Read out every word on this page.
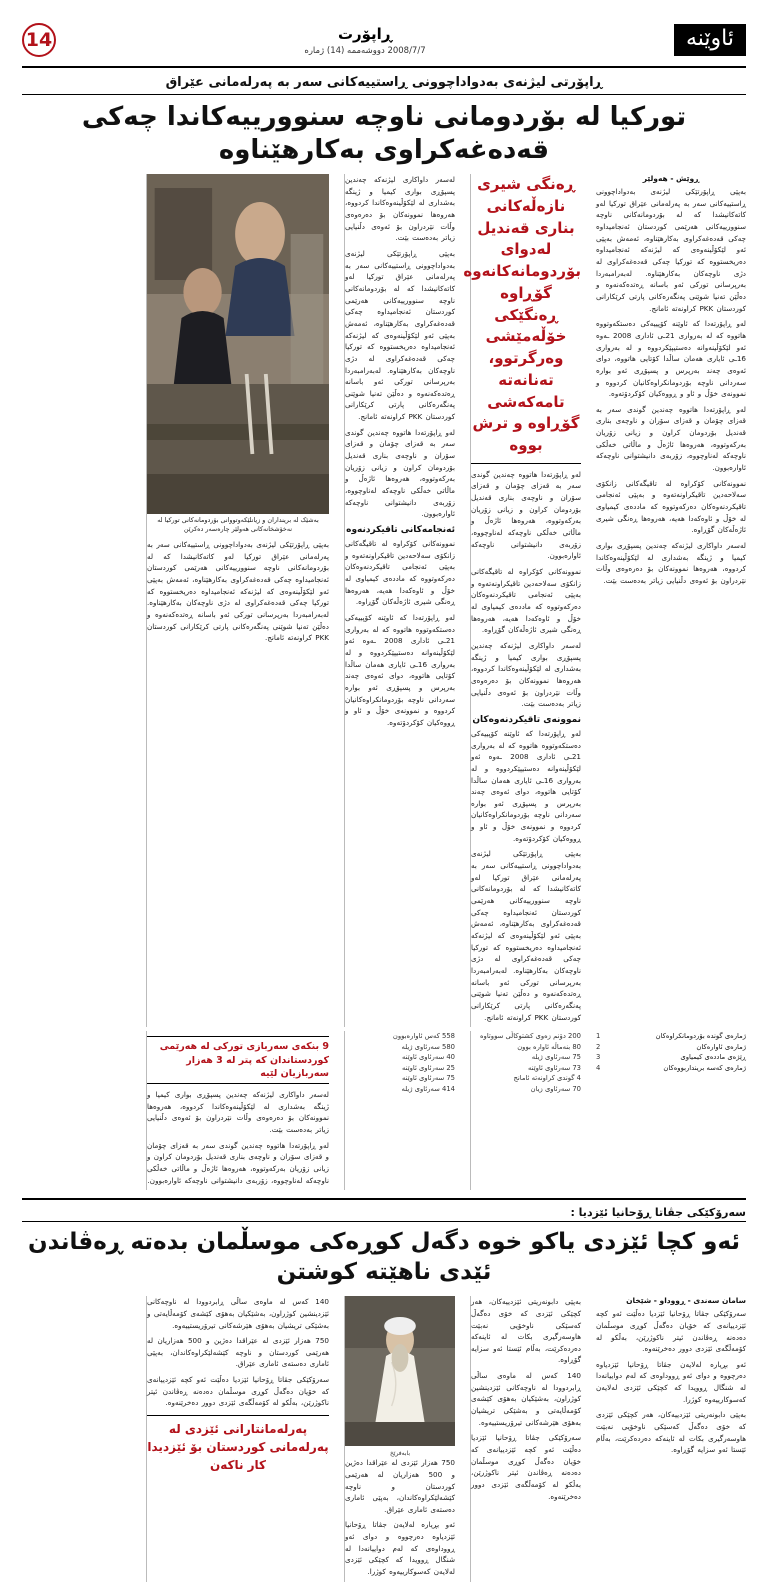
ئاوێنە
ڕاپۆرت
2008/7/7 دووشەممە (14) ژمارە
14
ڕاپۆرتی لیژنەی بەدواداچوونی ڕاستییەکانی سەر بە پەرلەمانی عێراق
تورکیا لە بۆردومانی ناوچە سنوورییەکاندا چەکی قەدەغەکراوی بەکارهێناوە
ڕوێش - هەولێر

بەپێی ڕاپۆرتێکی لیژنەی بەدواداچوونی ڕاستییەکانی سەر بە پەرلەمانی عێراق تورکیا لەو کاتەکانیشدا کە لە بۆردومانەکانی ناوچە سنوورییەکانی هەرێمی کوردستان ئەنجامیداوە چەکی قەدەغەکراوی بەکارهێناوە، ئەمەش بەپێی ئەو لێکۆڵینەوەی کە لیژنەکە ئەنجامیداوە دەریخستووە کە تورکیا چەکی قەدەغەکراوی لە دژی ناوچەکان بەکارهێناوە. لەبەرامبەردا بەرپرسانی تورکی ئەو باسانە ڕەتدەکەنەوە و دەڵێن تەنیا شوێنی پەنگەرەکانی پارتی کرێکارانی کوردستان PKK کراونەتە ئامانج.

لەو ڕاپۆرتەدا کە ئاوێنە کۆپییەکی دەستکەوتووە هاتووە کە لە بەرواری 21ـی ئاداری 2008 ـەوە ئەو لێکۆڵینەوانە دەستیپێکردووە و لە بەرواری 16ـی ئایاری هەمان ساڵدا کۆتایی هاتووە، دوای ئەوەی چەند بەرپرس و پسپۆڕی ئەو بوارە سەردانی ناوچە بۆردومانکراوەکانیان کردووە و نموونەی خۆڵ و ئاو و ڕووەکیان کۆکردۆتەوە.

لەو ڕاپۆرتەدا هاتووە چەندین گوندی سەر بە قەزای چۆمان و قەزای سۆران و ناوچەی بناری قەندیل بۆردومان کراون و زیانی زۆریان بەرکەوتووە، هەروەها ئاژەڵ و ماڵاتی خەڵکی ناوچەکە لەناوچووە، زۆربەی دانیشتوانی ناوچەکە ئاوارەبوون.

نموونەکانی کۆکراوە لە تاقیگەکانی زانکۆی سەلاحەدین تاقیکراونەتەوە و بەپێی ئەنجامی تاقیکردنەوەکان دەرکەوتووە کە ماددەی کیمیاوی لە خۆڵ و ئاوەکەدا هەیە، هەروەها ڕەنگی شیری ئاژەڵەکان گۆڕاوە.

لەسەر داواکاری لیژنەکە چەندین پسپۆڕی بواری کیمیا و ژینگە بەشداری لە لێکۆڵینەوەکاندا کردووە، هەروەها نموونەکان بۆ دەرەوەی وڵات نێردراون بۆ ئەوەی دڵنیایی زیاتر بەدەست بێت.

ڕەنگی شیری نازەڵەکانی بناری قەندیل لەدوای بۆردومانەکانەوە گۆڕاوە ڕەنگێکی خۆڵەمێشی وەرگرتوو، تەنانەتە تامەکەشی گۆڕاوە و ترش بووە

لەو ڕاپۆرتەدا هاتووە چەندین گوندی سەر بە قەزای چۆمان و قەزای سۆران و ناوچەی بناری قەندیل بۆردومان کراون و زیانی زۆریان بەرکەوتووە، هەروەها ئاژەڵ و ماڵاتی خەڵکی ناوچەکە لەناوچووە، زۆربەی دانیشتوانی ناوچەکە ئاوارەبوون.

نموونەکانی کۆکراوە لە تاقیگەکانی زانکۆی سەلاحەدین تاقیکراونەتەوە و بەپێی ئەنجامی تاقیکردنەوەکان دەرکەوتووە کە ماددەی کیمیاوی لە خۆڵ و ئاوەکەدا هەیە، هەروەها ڕەنگی شیری ئاژەڵەکان گۆڕاوە.

لەسەر داواکاری لیژنەکە چەندین پسپۆڕی بواری کیمیا و ژینگە بەشداری لە لێکۆڵینەوەکاندا کردووە، هەروەها نموونەکان بۆ دەرەوەی وڵات نێردراون بۆ ئەوەی دڵنیایی زیاتر بەدەست بێت.

نموونەی تاقیکردنەوەکان

لەو ڕاپۆرتەدا کە ئاوێنە کۆپییەکی دەستکەوتووە هاتووە کە لە بەرواری 21ـی ئاداری 2008 ـەوە ئەو لێکۆڵینەوانە دەستیپێکردووە و لە بەرواری 16ـی ئایاری هەمان ساڵدا کۆتایی هاتووە، دوای ئەوەی چەند بەرپرس و پسپۆڕی ئەو بوارە سەردانی ناوچە بۆردومانکراوەکانیان کردووە و نموونەی خۆڵ و ئاو و ڕووەکیان کۆکردۆتەوە.

بەپێی ڕاپۆرتێکی لیژنەی بەدواداچوونی ڕاستییەکانی سەر بە پەرلەمانی عێراق تورکیا لەو کاتەکانیشدا کە لە بۆردومانەکانی ناوچە سنوورییەکانی هەرێمی کوردستان ئەنجامیداوە چەکی قەدەغەکراوی بەکارهێناوە، ئەمەش بەپێی ئەو لێکۆڵینەوەی کە لیژنەکە ئەنجامیداوە دەریخستووە کە تورکیا چەکی قەدەغەکراوی لە دژی ناوچەکان بەکارهێناوە. لەبەرامبەردا بەرپرسانی تورکی ئەو باسانە ڕەتدەکەنەوە و دەڵێن تەنیا شوێنی پەنگەرەکانی پارتی کرێکارانی کوردستان PKK کراونەتە ئامانج.

لەسەر داواکاری لیژنەکە چەندین پسپۆڕی بواری کیمیا و ژینگە بەشداری لە لێکۆڵینەوەکاندا کردووە، هەروەها نموونەکان بۆ دەرەوەی وڵات نێردراون بۆ ئەوەی دڵنیایی زیاتر بەدەست بێت.

بەپێی ڕاپۆرتێکی لیژنەی بەدواداچوونی ڕاستییەکانی سەر بە پەرلەمانی عێراق تورکیا لەو کاتەکانیشدا کە لە بۆردومانەکانی ناوچە سنوورییەکانی هەرێمی کوردستان ئەنجامیداوە چەکی قەدەغەکراوی بەکارهێناوە، ئەمەش بەپێی ئەو لێکۆڵینەوەی کە لیژنەکە ئەنجامیداوە دەریخستووە کە تورکیا چەکی قەدەغەکراوی لە دژی ناوچەکان بەکارهێناوە. لەبەرامبەردا بەرپرسانی تورکی ئەو باسانە ڕەتدەکەنەوە و دەڵێن تەنیا شوێنی پەنگەرەکانی پارتی کرێکارانی کوردستان PKK کراونەتە ئامانج.

لەو ڕاپۆرتەدا هاتووە چەندین گوندی سەر بە قەزای چۆمان و قەزای سۆران و ناوچەی بناری قەندیل بۆردومان کراون و زیانی زۆریان بەرکەوتووە، هەروەها ئاژەڵ و ماڵاتی خەڵکی ناوچەکە لەناوچووە، زۆربەی دانیشتوانی ناوچەکە ئاوارەبوون.

ئەنجامەکانی تاقیکردنەوە

نموونەکانی کۆکراوە لە تاقیگەکانی زانکۆی سەلاحەدین تاقیکراونەتەوە و بەپێی ئەنجامی تاقیکردنەوەکان دەرکەوتووە کە ماددەی کیمیاوی لە خۆڵ و ئاوەکەدا هەیە، هەروەها ڕەنگی شیری ئاژەڵەکان گۆڕاوە.

لەو ڕاپۆرتەدا کە ئاوێنە کۆپییەکی دەستکەوتووە هاتووە کە لە بەرواری 21ـی ئاداری 2008 ـەوە ئەو لێکۆڵینەوانە دەستیپێکردووە و لە بەرواری 16ـی ئایاری هەمان ساڵدا کۆتایی هاتووە، دوای ئەوەی چەند بەرپرس و پسپۆڕی ئەو بوارە سەردانی ناوچە بۆردومانکراوەکانیان کردووە و نموونەی خۆڵ و ئاو و ڕووەکیان کۆکردۆتەوە.

بەشێک لە برینداران و زیانلێکەوتووانی بۆردومانەکانی تورکیا لە نەخۆشخانەکانی هەولێر چارەسەر دەکرێن

بەپێی ڕاپۆرتێکی لیژنەی بەدواداچوونی ڕاستییەکانی سەر بە پەرلەمانی عێراق تورکیا لەو کاتەکانیشدا کە لە بۆردومانەکانی ناوچە سنوورییەکانی هەرێمی کوردستان ئەنجامیداوە چەکی قەدەغەکراوی بەکارهێناوە، ئەمەش بەپێی ئەو لێکۆڵینەوەی کە لیژنەکە ئەنجامیداوە دەریخستووە کە تورکیا چەکی قەدەغەکراوی لە دژی ناوچەکان بەکارهێناوە. لەبەرامبەردا بەرپرسانی تورکی ئەو باسانە ڕەتدەکەنەوە و دەڵێن تەنیا شوێنی پەنگەرەکانی پارتی کرێکارانی کوردستان PKK کراونەتە ئامانج.

ژمارەی گوندە بۆردومانکراوەکان
1
ژمارەی ئاوارەکان
2
ڕێژەی ماددەی کیمیاوی
3
ژمارەی کەسە برینداربووەکان
4
200 دۆنم زەوی کشتوکاڵی سووتاوە
80 بنەماڵە ئاوارە بوون
75 سەرئاوی ژیلە
73 سەرئاوی ئاوێنە
4 گوندی کراونەتە ئامانج
70 سەرئاوی زیان
558 کەس ئاوارەبوون
580 سەرئاوی ژیلە
40 سەرئاوی ئاوێنە
25 سەرئاوی ئاوێنە
75 سەرئاوی ئاوێنە
414 سەرئاوی ژیلە
9 بنکەی سەربازی تورکی لە هەرێمی کوردستاندان کە پتر لە 3 هەزار سەربازیان لێیە

لەسەر داواکاری لیژنەکە چەندین پسپۆڕی بواری کیمیا و ژینگە بەشداری لە لێکۆڵینەوەکاندا کردووە، هەروەها نموونەکان بۆ دەرەوەی وڵات نێردراون بۆ ئەوەی دڵنیایی زیاتر بەدەست بێت.

لەو ڕاپۆرتەدا هاتووە چەندین گوندی سەر بە قەزای چۆمان و قەزای سۆران و ناوچەی بناری قەندیل بۆردومان کراون و زیانی زۆریان بەرکەوتووە، هەروەها ئاژەڵ و ماڵاتی خەڵکی ناوچەکە لەناوچووە، زۆربەی دانیشتوانی ناوچەکە ئاوارەبوون.

سەرۆکێکی جڤاتا ڕۆحانیا ئێزدیا :
ئەو کچا ئێزدی یاکو خوە دگەل کوڕەکی موسڵمان بدەتە ڕەڤاندن ئێدی ناهێتە کوشتن
سامان سەندی - ڕووداو - شێخان

سەرۆکێکی جڤاتا ڕۆحانیا ئێزدیا دەڵێت ئەو کچە ئێزدییانەی کە خۆیان دەگەڵ کوڕی موسڵمان دەدەنە ڕەڤاندن ئیتر ناکوژرێن، بەڵکو لە کۆمەڵگەی ئێزدی دوور دەخرێنەوە.

ئەو بڕیارە لەلایەن جڤاتا ڕۆحانیا ئێزدیاوە دەرچووە و دوای ئەو ڕووداوەی کە لەم دواییانەدا لە شنگال ڕوویدا کە کچێکی ئێزدی لەلایەن کەسوکارییەوە کوژرا.

بەپێی دابونەریتی ئێزدییەکان، هەر کچێکی ئێزدی کە خۆی دەگەڵ کەسێکی ناوخۆیی نەبێت هاوسەرگیری بکات لە ئاینەکە دەردەکرێت، بەڵام ئێستا ئەو سزایە گۆڕاوە.

بەپێی دابونەریتی ئێزدییەکان، هەر کچێکی ئێزدی کە خۆی دەگەڵ کەسێکی ناوخۆیی نەبێت هاوسەرگیری بکات لە ئاینەکە دەردەکرێت، بەڵام ئێستا ئەو سزایە گۆڕاوە.

140 کەس لە ماوەی ساڵی ڕابردوودا لە ناوچەکانی ئێزدینشین کوژراون، بەشێکیان بەهۆی کێشەی کۆمەڵایەتی و بەشێکی تریشیان بەهۆی هێرشەکانی تیرۆریستییەوە.

سەرۆکێکی جڤاتا ڕۆحانیا ئێزدیا دەڵێت ئەو کچە ئێزدییانەی کە خۆیان دەگەڵ کوڕی موسڵمان دەدەنە ڕەڤاندن ئیتر ناکوژرێن، بەڵکو لە کۆمەڵگەی ئێزدی دوور دەخرێنەوە.

بابەفرێخ

750 هەزار ئێزدی لە عێراقدا دەژین و 500 هەزاریان لە هەرێمی کوردستان و ناوچە کێشەلێکراوەکاندان، بەپێی ئاماری دەستەی ئاماری عێراق.

ئەو بڕیارە لەلایەن جڤاتا ڕۆحانیا ئێزدیاوە دەرچووە و دوای ئەو ڕووداوەی کە لەم دواییانەدا لە شنگال ڕوویدا کە کچێکی ئێزدی لەلایەن کەسوکارییەوە کوژرا.

140 کەس لە ماوەی ساڵی ڕابردوودا لە ناوچەکانی ئێزدینشین کوژراون، بەشێکیان بەهۆی کێشەی کۆمەڵایەتی و بەشێکی تریشیان بەهۆی هێرشەکانی تیرۆریستییەوە.

750 هەزار ئێزدی لە عێراقدا دەژین و 500 هەزاریان لە هەرێمی کوردستان و ناوچە کێشەلێکراوەکاندان، بەپێی ئاماری دەستەی ئاماری عێراق.

سەرۆکێکی جڤاتا ڕۆحانیا ئێزدیا دەڵێت ئەو کچە ئێزدییانەی کە خۆیان دەگەڵ کوڕی موسڵمان دەدەنە ڕەڤاندن ئیتر ناکوژرێن، بەڵکو لە کۆمەڵگەی ئێزدی دوور دەخرێنەوە.

پەرلەمانتارانی ئێزدی لە پەرلەمانی کوردستان بۆ ئێزدیدا کار ناکەن
